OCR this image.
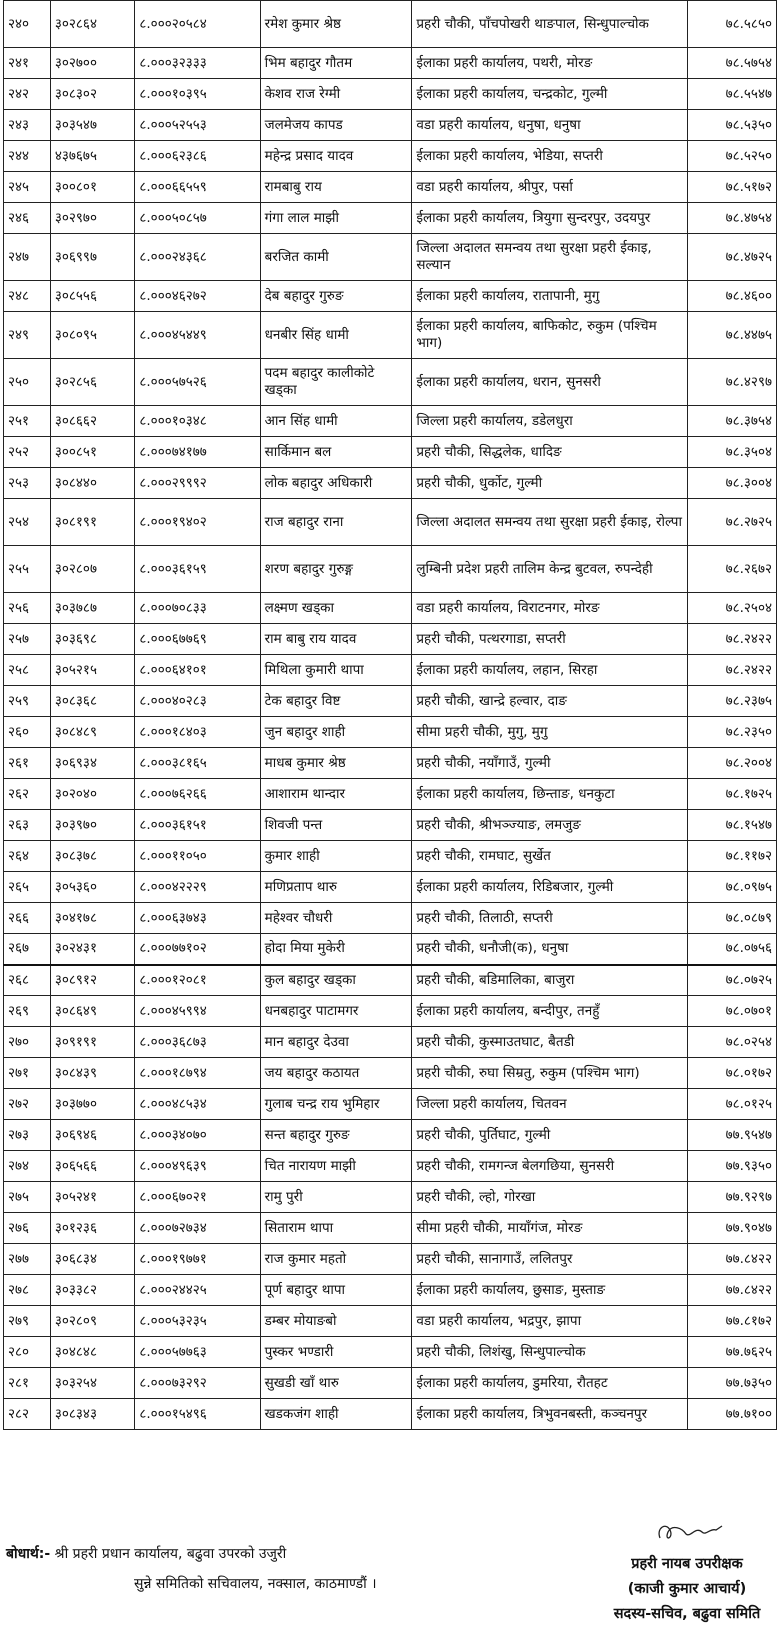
२४०	३०२८६४	८.०००२०५८४	रमेश कुमार श्रेष्ठ	प्रहरी चौकी, पाँचपोखरी थाङपाल, सिन्धुपाल्चोक	७८.५८५०
२४१	३०२७००	८.०००३२३३३	भिम बहादुर गौतम	ईलाका प्रहरी कार्यालय, पथरी, मोरङ	७८.५७५४
२४२	३०८३०२	८.०००१०३९५	केशव राज रेग्मी	ईलाका प्रहरी कार्यालय, चन्द्रकोट, गुल्मी	७८.५५४७
२४३	३०३५४७	८.०००५२५५३	जलमेजय कापड	वडा प्रहरी कार्यालय, धनुषा, धनुषा	७८.५३५०
२४४	४३७६७५	८.०००६२३८६	महेन्द्र प्रसाद यादव	ईलाका प्रहरी कार्यालय, भेडिया, सप्तरी	७८.५२५०
२४५	३००८०१	८.०००६६५५९	रामबाबु राय	वडा प्रहरी कार्यालय, श्रीपुर, पर्सा	७८.५१७२
२४६	३०२९७०	८.०००५०८५७	गंगा लाल माझी	ईलाका प्रहरी कार्यालय, त्रियुगा सुन्दरपुर, उदयपुर	७८.४७५४
२४७	३०६९९७	८.०००२४३६८	बरजित कामी	जिल्ला अदालत समन्वय तथा सुरक्षा प्रहरी ईकाइ, सल्यान	७८.४७२५
२४८	३०८५५६	८.०००४६२७२	देब बहादुर गुरुङ	ईलाका प्रहरी कार्यालय, रातापानी, मुगु	७८.४६००
२४९	३०८०९५	८.०००४५४४९	धनबीर सिंह धामी	ईलाका प्रहरी कार्यालय, बाफिकोट, रुकुम (पश्चिम भाग)	७८.४४७५
२५०	३०२८५६	८.०००५७५२६	पदम बहादुर कालीकोटे खड्का	ईलाका प्रहरी कार्यालय, धरान, सुनसरी	७८.४२९७
२५१	३०८६६२	८.०००१०३४८	आन सिंह धामी	जिल्ला प्रहरी कार्यालय, डडेलधुरा	७८.३७५४
२५२	३००८५१	८.०००७४१७७	सार्किमान बल	प्रहरी चौकी, सिद्धलेक, धादिङ	७८.३५०४
२५३	३०८४४०	८.०००२९९९२	लोक बहादुर अधिकारी	प्रहरी चौकी, धुर्कोट, गुल्मी	७८.३००४
२५४	३०८१९१	८.०००१९४०२	राज बहादुर राना	जिल्ला अदालत समन्वय तथा सुरक्षा प्रहरी ईकाइ, रोल्पा	७८.२७२५
२५५	३०२८०७	८.०००३६१५९	शरण बहादुर गुरुङ्ग	लुम्बिनी प्रदेश प्रहरी तालिम केन्द्र बुटवल, रुपन्देही	७८.२६७२
२५६	३०३७८७	८.०००७०८३३	लक्ष्मण खड्का	वडा प्रहरी कार्यालय, विराटनगर, मोरङ	७८.२५०४
२५७	३०३६९८	८.०००६७७६९	राम बाबु राय यादव	प्रहरी चौकी, पत्थरगाडा, सप्तरी	७८.२४२२
२५८	३०५२१५	८.०००६४१०१	मिथिला कुमारी थापा	ईलाका प्रहरी कार्यालय, लहान, सिरहा	७८.२४२२
२५९	३०८३६८	८.०००४०२८३	टेक बहादुर विष्ट	प्रहरी चौकी, खान्द्रे हल्वार, दाङ	७८.२३७५
२६०	३०८४८९	८.०००१८४०३	जुन बहादुर शाही	सीमा प्रहरी चौकी, मुगु, मुगु	७८.२३५०
२६१	३०६९३४	८.०००३८१६५	माधब कुमार श्रेष्ठ	प्रहरी चौकी, नयाँगाउँ, गुल्मी	७८.२००४
२६२	३०२०४०	८.०००७६२६६	आशाराम थान्दार	ईलाका प्रहरी कार्यालय, छिन्ताङ, धनकुटा	७८.१७२५
२६३	३०३९७०	८.०००३६१५१	शिवजी पन्त	प्रहरी चौकी, श्रीभञ्ज्याङ, लमजुङ	७८.१५४७
२६४	३०८३७८	८.०००११०५०	कुमार शाही	प्रहरी चौकी, रामघाट, सुर्खेत	७८.११७२
२६५	३०५३६०	८.०००४२२२९	मणिप्रताप थारु	ईलाका प्रहरी कार्यालय, रिडिबजार, गुल्मी	७८.०९७५
२६६	३०४१७८	८.०००६३७४३	महेश्वर चौधरी	प्रहरी चौकी, तिलाठी, सप्तरी	७८.०८७९
२६७	३०२४३१	८.०००७७१०२	होदा मिया मुकेरी	प्रहरी चौकी, धनौजी(क), धनुषा	७८.०७५६
२६८	३०८९१२	८.०००१२०८१	कुल बहादुर खड्का	प्रहरी चौकी, बडिमालिका, बाजुरा	७८.०७२५
२६९	३०८६४९	८.०००४५९९४	धनबहादुर पाटामगर	ईलाका प्रहरी कार्यालय, बन्दीपुर, तनहुँ	७८.०७०१
२७०	३०९१९१	८.०००३६८७३	मान बहादुर देउवा	प्रहरी चौकी, कुस्माउतघाट, बैतडी	७८.०२५४
२७१	३०८४३९	८.०००१८७९४	जय बहादुर कठायत	प्रहरी चौकी, रुघा सिम्रतु, रुकुम (पश्चिम भाग)	७८.०१७२
२७२	३०३७७०	८.०००४८५३४	गुलाब चन्द्र राय भुमिहार	जिल्ला प्रहरी कार्यालय, चितवन	७८.०१२५
२७३	३०६९४६	८.०००३४०७०	सन्त बहादुर गुरुङ	प्रहरी चौकी, पुर्तिघाट, गुल्मी	७७.९५४७
२७४	३०६५६६	८.०००४९६३९	चित नारायण माझी	प्रहरी चौकी, रामगन्ज बेलगछिया, सुनसरी	७७.९३५०
२७५	३०५२४१	८.०००६७०२१	रामु पुरी	प्रहरी चौकी, ल्हो, गोरखा	७७.९२९७
२७६	३०१२३६	८.०००७२७३४	सिताराम थापा	सीमा प्रहरी चौकी, मायाँगंज, मोरङ	७७.९०४७
२७७	३०६८३४	८.०००१९७७१	राज कुमार महतो	प्रहरी चौकी, सानागाउँ, ललितपुर	७७.८४२२
२७८	३०३३८२	८.०००२४४२५	पूर्ण बहादुर थापा	ईलाका प्रहरी कार्यालय, छुसाङ, मुस्ताङ	७७.८४२२
२७९	३०२८०९	८.०००५३२३५	डम्बर मोयाङबो	वडा प्रहरी कार्यालय, भद्रपुर, झापा	७७.८१७२
२८०	३०४८४८	८.०००५७७६३	पुस्कर भण्डारी	प्रहरी चौकी, लिशंखु, सिन्धुपाल्चोक	७७.७६२५
२८१	३०३२५४	८.०००७३२९२	सुखडी खाँ थारु	ईलाका प्रहरी कार्यालय, डुमरिया, रौतहट	७७.७३५०
२८२	३०८३४३	८.०००१५४९६	खडकजंग शाही	ईलाका प्रहरी कार्यालय, त्रिभुवनबस्ती, कञ्चनपुर	७७.७१००
बोधार्थ:- श्री प्रहरी प्रधान कार्यालय, बढुवा उपरको उजुरी
सुन्ने समितिको सचिवालय, नक्साल, काठमाण्डौं ।
प्रहरी नायब उपरीक्षक
(काजी कुमार आचार्य)
सदस्य-सचिव, बढुवा समिति
